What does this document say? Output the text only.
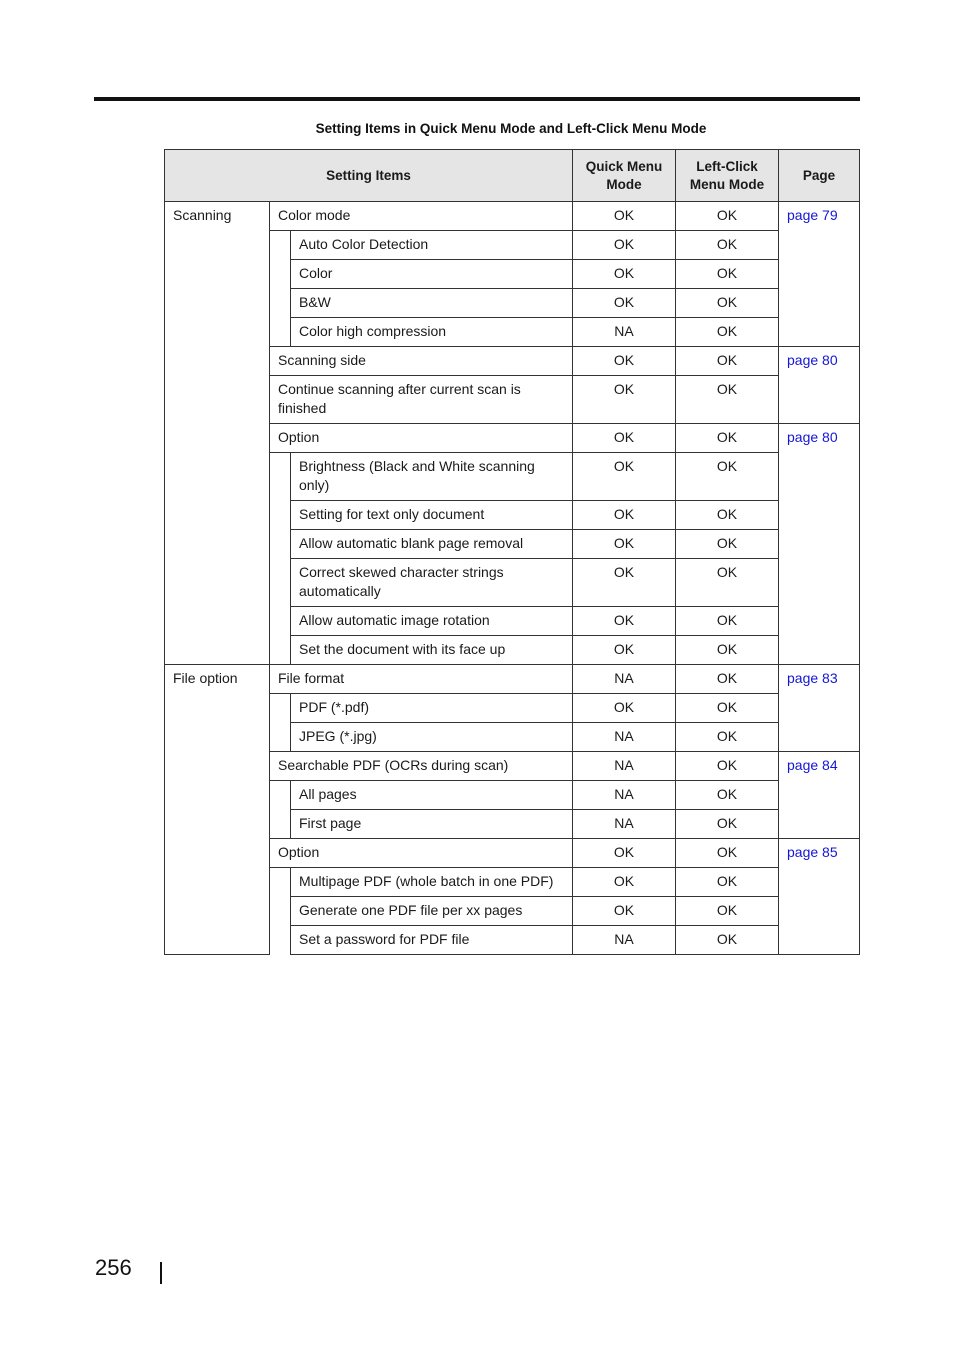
Setting Items in Quick Menu Mode and Left-Click Menu Mode
Setting Items			Quick Menu Mode	Left-Click Menu Mode	Page
Scanning	Color mode		OK	OK	page 79
		Auto Color Detection	OK	OK	
		Color	OK	OK	
		B&W	OK	OK	
		Color high compression	NA	OK	
	Scanning side		OK	OK	page 80
	Continue scanning after current scan is finished		OK	OK	
	Option		OK	OK	page 80
		Brightness (Black and White scanning only)	OK	OK	
		Setting for text only document	OK	OK	
		Allow automatic blank page removal	OK	OK	
		Correct skewed character strings automatically	OK	OK	
		Allow automatic image rotation	OK	OK	
		Set the document with its face up	OK	OK	
File option	File format		NA	OK	page 83
		PDF (*.pdf)	OK	OK	
		JPEG (*.jpg)	NA	OK	
	Searchable PDF (OCRs during scan)		NA	OK	page 84
		All pages	NA	OK	
		First page	NA	OK	
	Option		OK	OK	page 85
		Multipage PDF (whole batch in one PDF)	OK	OK	
		Generate one PDF file per xx pages	OK	OK	
		Set a password for PDF file	NA	OK	
256
